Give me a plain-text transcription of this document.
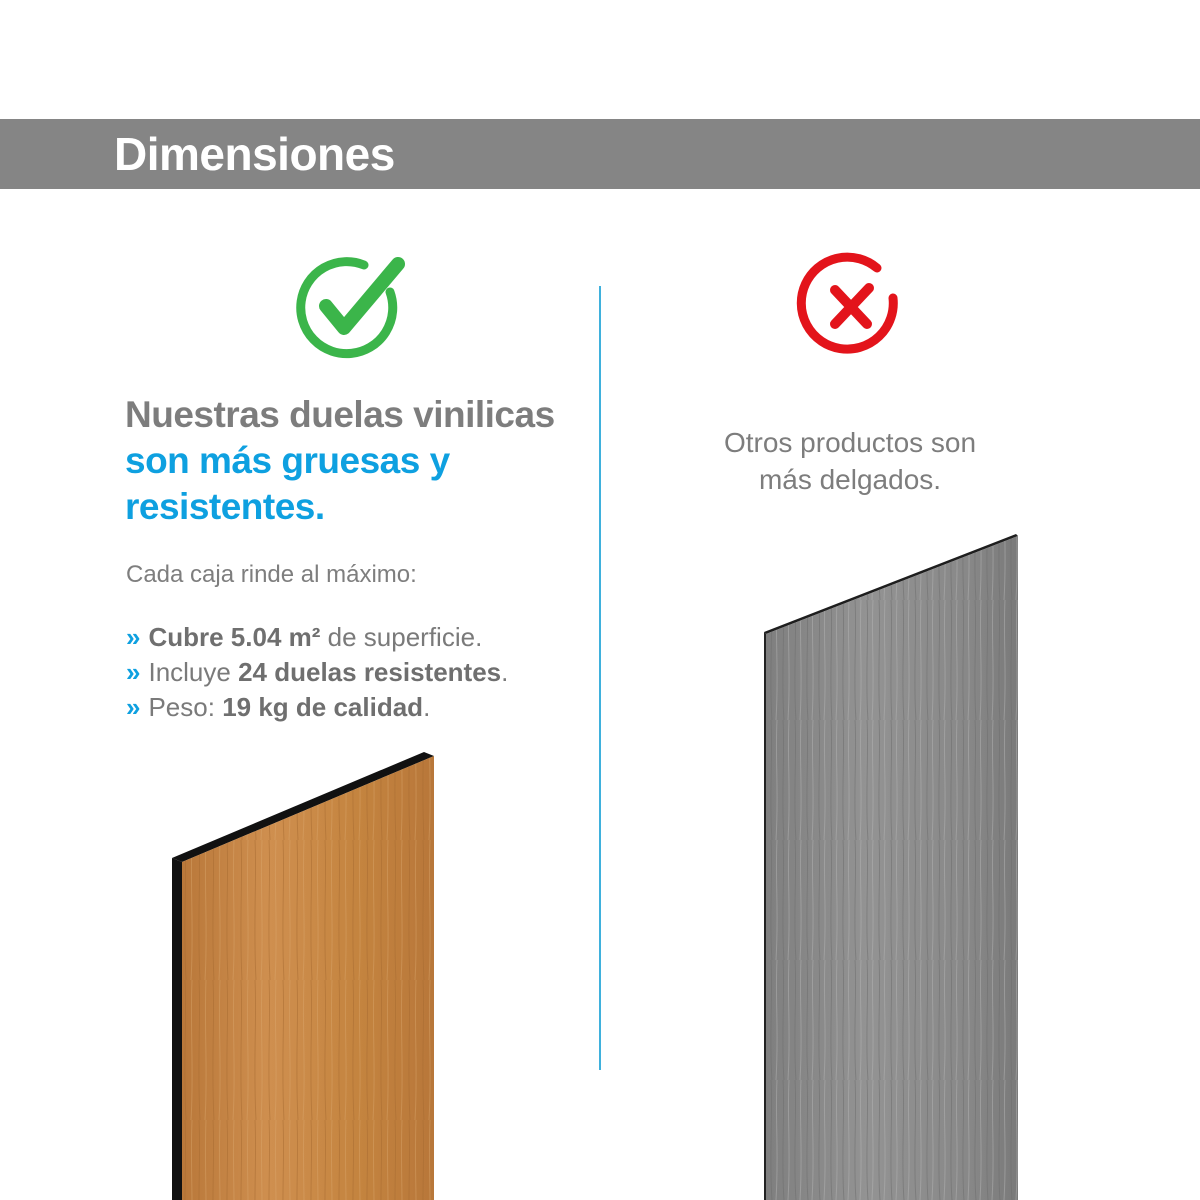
Dimensiones
Nuestras duelas vinilicas son más gruesas y resistentes.
Cada caja rinde al máximo:
» Cubre 5.04 m² de superficie.
» Incluye 24 duelas resistentes.
» Peso: 19 kg de calidad.
Otros productos son más delgados.
